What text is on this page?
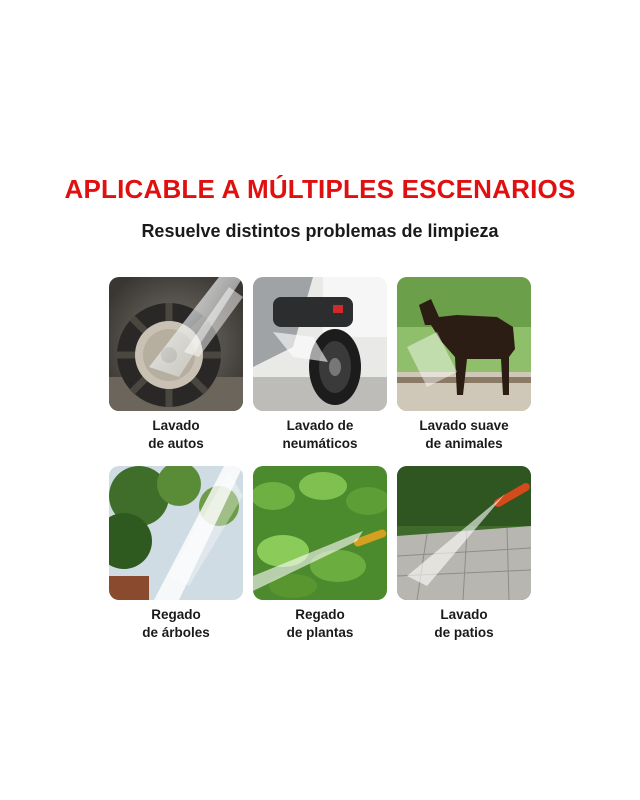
APLICABLE A MÚLTIPLES ESCENARIOS
Resuelve distintos problemas de limpieza
Lavado
de autos
Lavado de
neumáticos
Lavado suave
de animales
Regado
de árboles
Regado
de plantas
Lavado
de patios
